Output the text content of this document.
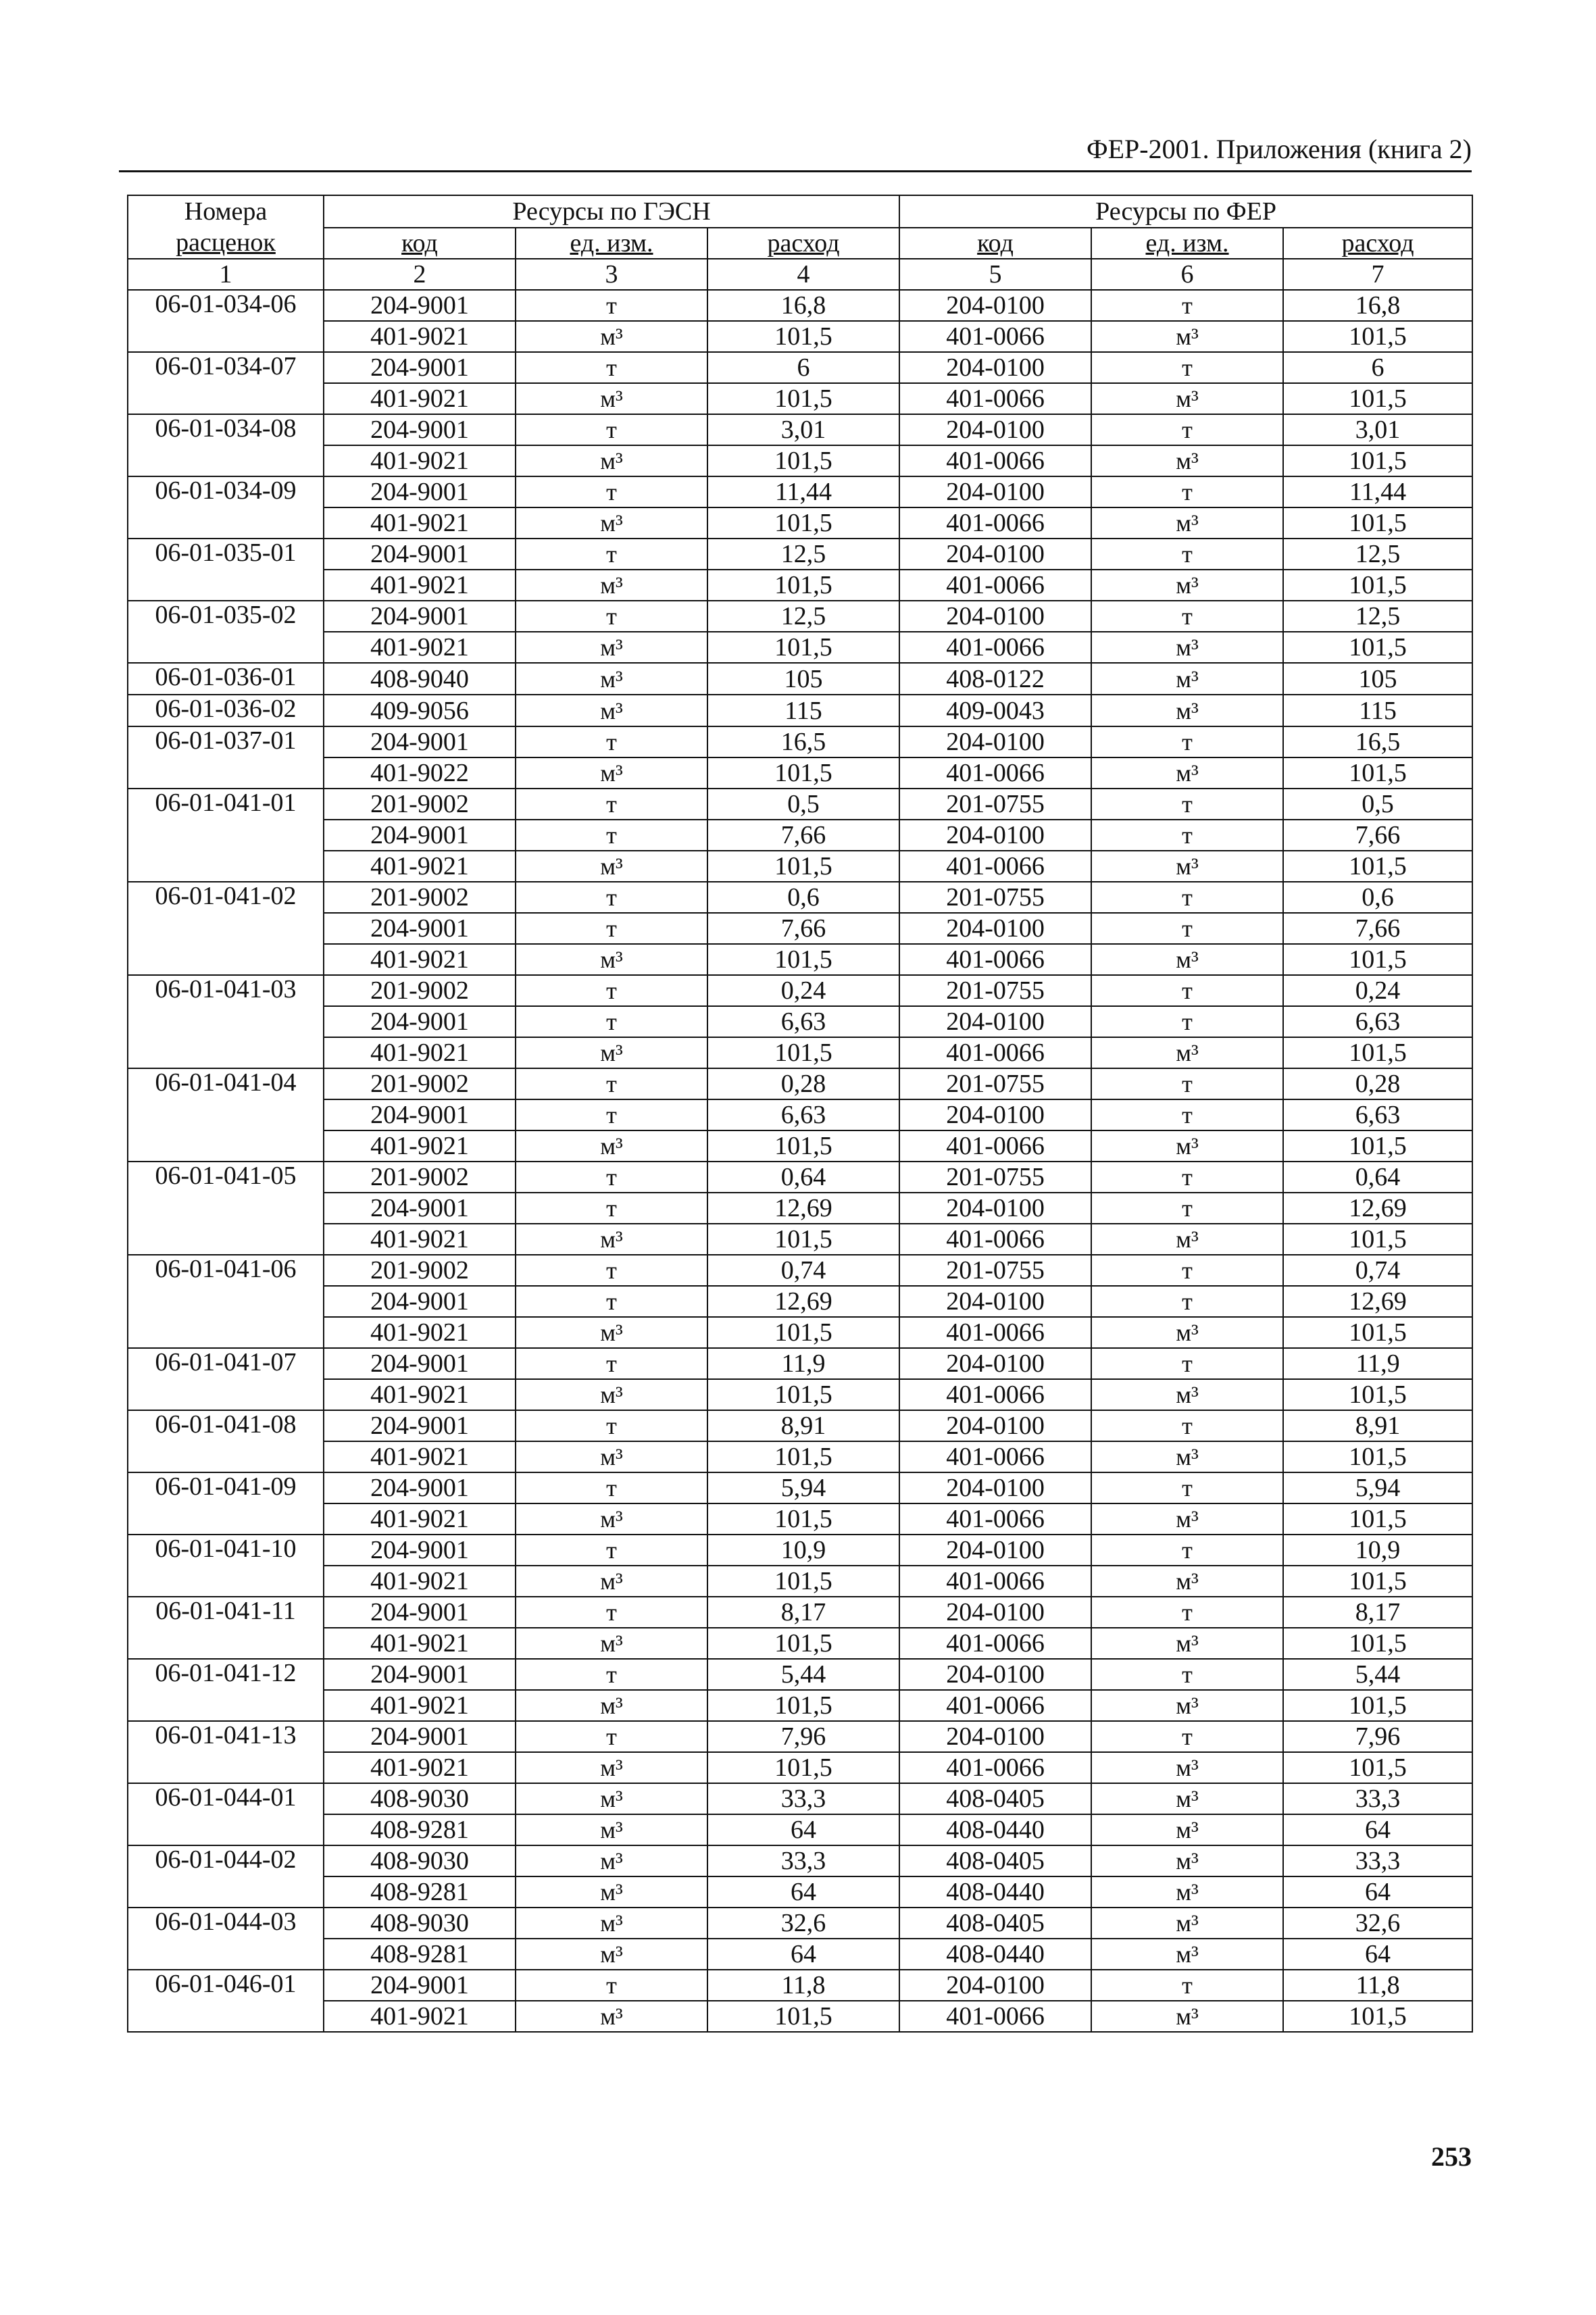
ФЕР-2001. Приложения (книга 2)
Номера
расценок	Ресурсы по ГЭСН			Ресурсы по ФЕР		
	код	ед. изм.	расход	код	ед. изм.	расход
1	2	3	4	5	6	7
06-01-034-06	204-9001	т	16,8	204-0100	т	16,8
	401-9021	м³	101,5	401-0066	м³	101,5
06-01-034-07	204-9001	т	6	204-0100	т	6
	401-9021	м³	101,5	401-0066	м³	101,5
06-01-034-08	204-9001	т	3,01	204-0100	т	3,01
	401-9021	м³	101,5	401-0066	м³	101,5
06-01-034-09	204-9001	т	11,44	204-0100	т	11,44
	401-9021	м³	101,5	401-0066	м³	101,5
06-01-035-01	204-9001	т	12,5	204-0100	т	12,5
	401-9021	м³	101,5	401-0066	м³	101,5
06-01-035-02	204-9001	т	12,5	204-0100	т	12,5
	401-9021	м³	101,5	401-0066	м³	101,5
06-01-036-01	408-9040	м³	105	408-0122	м³	105
06-01-036-02	409-9056	м³	115	409-0043	м³	115
06-01-037-01	204-9001	т	16,5	204-0100	т	16,5
	401-9022	м³	101,5	401-0066	м³	101,5
06-01-041-01	201-9002	т	0,5	201-0755	т	0,5
	204-9001	т	7,66	204-0100	т	7,66
	401-9021	м³	101,5	401-0066	м³	101,5
06-01-041-02	201-9002	т	0,6	201-0755	т	0,6
	204-9001	т	7,66	204-0100	т	7,66
	401-9021	м³	101,5	401-0066	м³	101,5
06-01-041-03	201-9002	т	0,24	201-0755	т	0,24
	204-9001	т	6,63	204-0100	т	6,63
	401-9021	м³	101,5	401-0066	м³	101,5
06-01-041-04	201-9002	т	0,28	201-0755	т	0,28
	204-9001	т	6,63	204-0100	т	6,63
	401-9021	м³	101,5	401-0066	м³	101,5
06-01-041-05	201-9002	т	0,64	201-0755	т	0,64
	204-9001	т	12,69	204-0100	т	12,69
	401-9021	м³	101,5	401-0066	м³	101,5
06-01-041-06	201-9002	т	0,74	201-0755	т	0,74
	204-9001	т	12,69	204-0100	т	12,69
	401-9021	м³	101,5	401-0066	м³	101,5
06-01-041-07	204-9001	т	11,9	204-0100	т	11,9
	401-9021	м³	101,5	401-0066	м³	101,5
06-01-041-08	204-9001	т	8,91	204-0100	т	8,91
	401-9021	м³	101,5	401-0066	м³	101,5
06-01-041-09	204-9001	т	5,94	204-0100	т	5,94
	401-9021	м³	101,5	401-0066	м³	101,5
06-01-041-10	204-9001	т	10,9	204-0100	т	10,9
	401-9021	м³	101,5	401-0066	м³	101,5
06-01-041-11	204-9001	т	8,17	204-0100	т	8,17
	401-9021	м³	101,5	401-0066	м³	101,5
06-01-041-12	204-9001	т	5,44	204-0100	т	5,44
	401-9021	м³	101,5	401-0066	м³	101,5
06-01-041-13	204-9001	т	7,96	204-0100	т	7,96
	401-9021	м³	101,5	401-0066	м³	101,5
06-01-044-01	408-9030	м³	33,3	408-0405	м³	33,3
	408-9281	м³	64	408-0440	м³	64
06-01-044-02	408-9030	м³	33,3	408-0405	м³	33,3
	408-9281	м³	64	408-0440	м³	64
06-01-044-03	408-9030	м³	32,6	408-0405	м³	32,6
	408-9281	м³	64	408-0440	м³	64
06-01-046-01	204-9001	т	11,8	204-0100	т	11,8
	401-9021	м³	101,5	401-0066	м³	101,5
253
